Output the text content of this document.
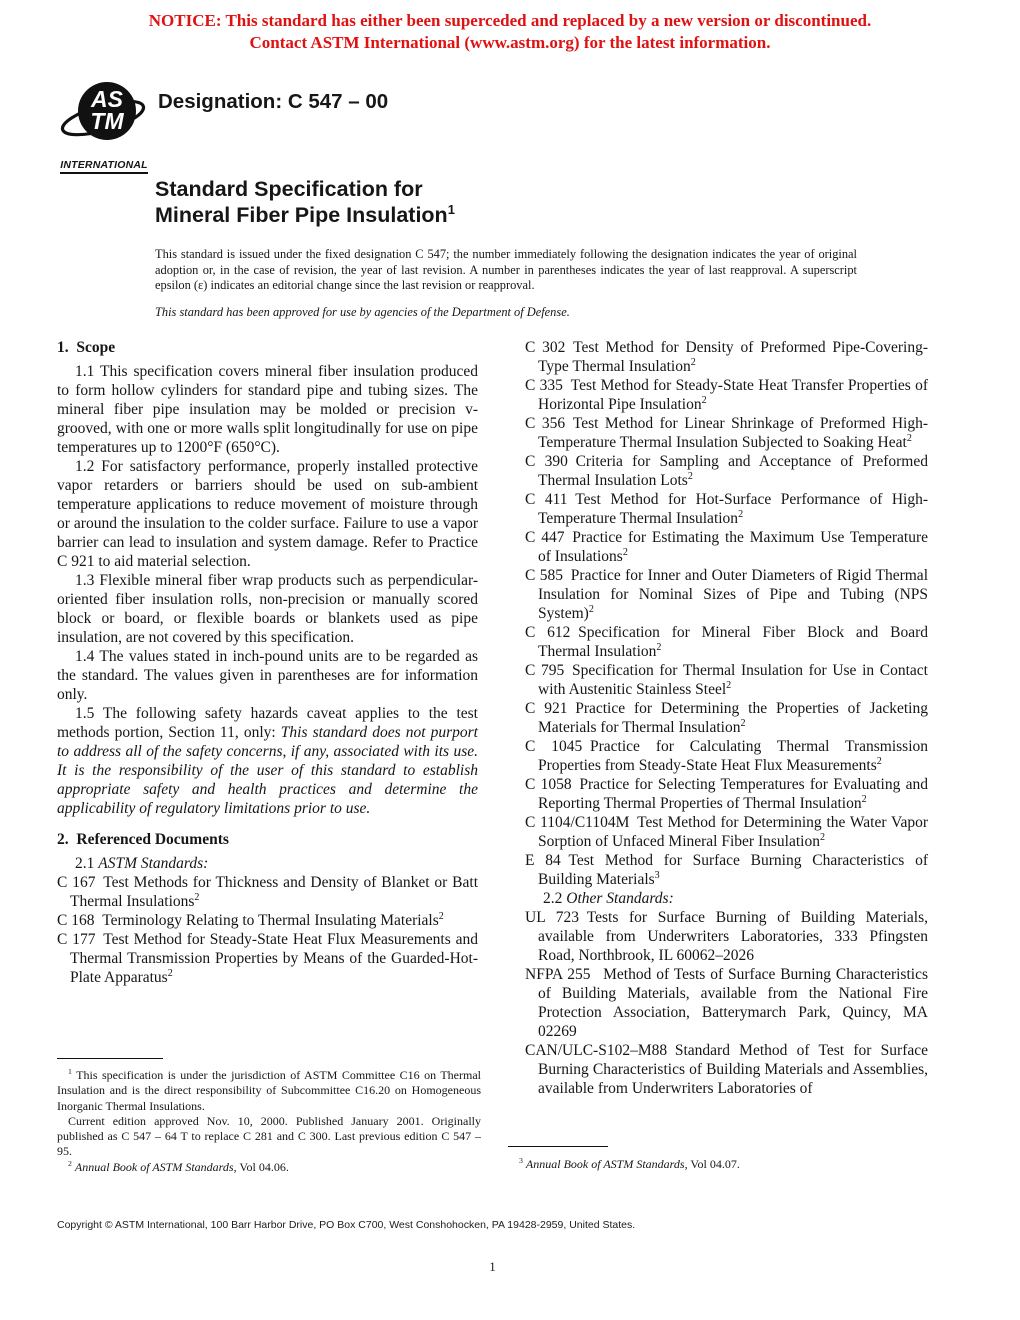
NOTICE: This standard has either been superceded and replaced by a new version or discontinued.
Contact ASTM International (www.astm.org) for the latest information.
AS
TM
INTERNATIONAL
Designation: C 547 – 00
Standard Specification for
Mineral Fiber Pipe Insulation$^1$

This standard is issued under the fixed designation C 547; the number immediately following the designation indicates the year of original adoption or, in the case of revision, the year of last revision. A number in parentheses indicates the year of last reapproval. A superscript epsilon (ε) indicates an editorial change since the last revision or reapproval.

This standard has been approved for use by agencies of the Department of Defense.

1. Scope

1.1 This specification covers mineral fiber insulation produced to form hollow cylinders for standard pipe and tubing sizes. The mineral fiber pipe insulation may be molded or precision v-grooved, with one or more walls split longitudinally for use on pipe temperatures up to 1200°F (650°C).

1.2 For satisfactory performance, properly installed protective vapor retarders or barriers should be used on sub-ambient temperature applications to reduce movement of moisture through or around the insulation to the colder surface. Failure to use a vapor barrier can lead to insulation and system damage. Refer to Practice C 921 to aid material selection.

1.3 Flexible mineral fiber wrap products such as perpendicular-oriented fiber insulation rolls, non-precision or manually scored block or board, or flexible boards or blankets used as pipe insulation, are not covered by this specification.

1.4 The values stated in inch-pound units are to be regarded as the standard. The values given in parentheses are for information only.

1.5 The following safety hazards caveat applies to the test methods portion, Section 11, only: This standard does not purport to address all of the safety concerns, if any, associated with its use. It is the responsibility of the user of this standard to establish appropriate safety and health practices and determine the applicability of regulatory limitations prior to use.

2. Referenced Documents

2.1 ASTM Standards:

C 167 Test Methods for Thickness and Density of Blanket or Batt Thermal Insulations$^2$

C 168 Terminology Relating to Thermal Insulating Materials$^2$

C 177 Test Method for Steady-State Heat Flux Measurements and Thermal Transmission Properties by Means of the Guarded-Hot-Plate Apparatus$^2$

C 302 Test Method for Density of Preformed Pipe-Covering-Type Thermal Insulation$^2$

C 335 Test Method for Steady-State Heat Transfer Properties of Horizontal Pipe Insulation$^2$

C 356 Test Method for Linear Shrinkage of Preformed High-Temperature Thermal Insulation Subjected to Soaking Heat$^2$

C 390 Criteria for Sampling and Acceptance of Preformed Thermal Insulation Lots$^2$

C 411 Test Method for Hot-Surface Performance of High-Temperature Thermal Insulation$^2$

C 447 Practice for Estimating the Maximum Use Temperature of Insulations$^2$

C 585 Practice for Inner and Outer Diameters of Rigid Thermal Insulation for Nominal Sizes of Pipe and Tubing (NPS System)$^2$

C 612 Specification for Mineral Fiber Block and Board Thermal Insulation$^2$

C 795 Specification for Thermal Insulation for Use in Contact with Austenitic Stainless Steel$^2$

C 921 Practice for Determining the Properties of Jacketing Materials for Thermal Insulation$^2$

C 1045 Practice for Calculating Thermal Transmission Properties from Steady-State Heat Flux Measurements$^2$

C 1058 Practice for Selecting Temperatures for Evaluating and Reporting Thermal Properties of Thermal Insulation$^2$

C 1104/C1104M Test Method for Determining the Water Vapor Sorption of Unfaced Mineral Fiber Insulation$^2$

E 84 Test Method for Surface Burning Characteristics of Building Materials$^3$

2.2 Other Standards:

UL 723 Tests for Surface Burning of Building Materials, available from Underwriters Laboratories, 333 Pfingsten Road, Northbrook, IL 60062–2026

NFPA 255  Method of Tests of Surface Burning Characteristics of Building Materials, available from the National Fire Protection Association, Batterymarch Park, Quincy, MA 02269

CAN/ULC-S102–M88 Standard Method of Test for Surface Burning Characteristics of Building Materials and Assemblies, available from Underwriters Laboratories of

$^1$ This specification is under the jurisdiction of ASTM Committee C16 on Thermal Insulation and is the direct responsibility of Subcommittee C16.20 on Homogeneous Inorganic Thermal Insulations.

Current edition approved Nov. 10, 2000. Published January 2001. Originally published as C 547 – 64 T to replace C 281 and C 300. Last previous edition C 547 – 95.

$^2$ Annual Book of ASTM Standards, Vol 04.06.	$^3$ Annual Book of ASTM Standards, Vol 04.07.

Copyright © ASTM International, 100 Barr Harbor Drive, PO Box C700, West Conshohocken, PA 19428-2959, United States.
1
